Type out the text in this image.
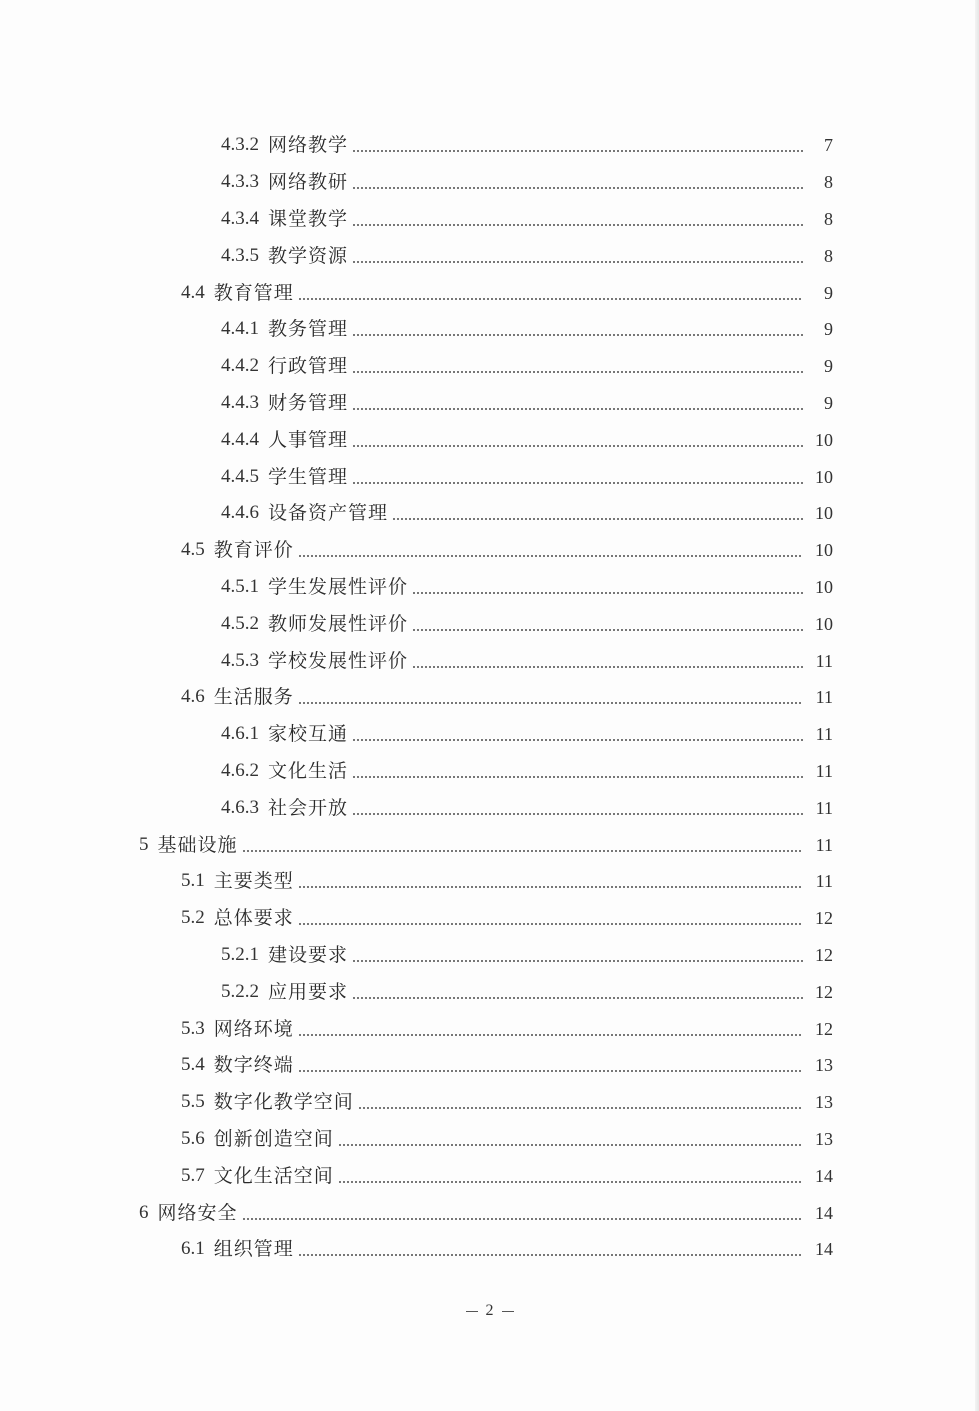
4.3.2 网络教学	7
4.3.3 网络教研	8
4.3.4 课堂教学	8
4.3.5 教学资源	8
4.4 教育管理	9
4.4.1 教务管理	9
4.4.2 行政管理	9
4.4.3 财务管理	9
4.4.4 人事管理	10
4.4.5 学生管理	10
4.4.6 设备资产管理	10
4.5 教育评价	10
4.5.1 学生发展性评价	10
4.5.2 教师发展性评价	10
4.5.3 学校发展性评价	11
4.6 生活服务	11
4.6.1 家校互通	11
4.6.2 文化生活	11
4.6.3 社会开放	11
5 基础设施	11
5.1 主要类型	11
5.2 总体要求	12
5.2.1 建设要求	12
5.2.2 应用要求	12
5.3 网络环境	12
5.4 数字终端	13
5.5 数字化教学空间	13
5.6 创新创造空间	13
5.7 文化生活空间	14
6 网络安全	14
6.1 组织管理	14
2
